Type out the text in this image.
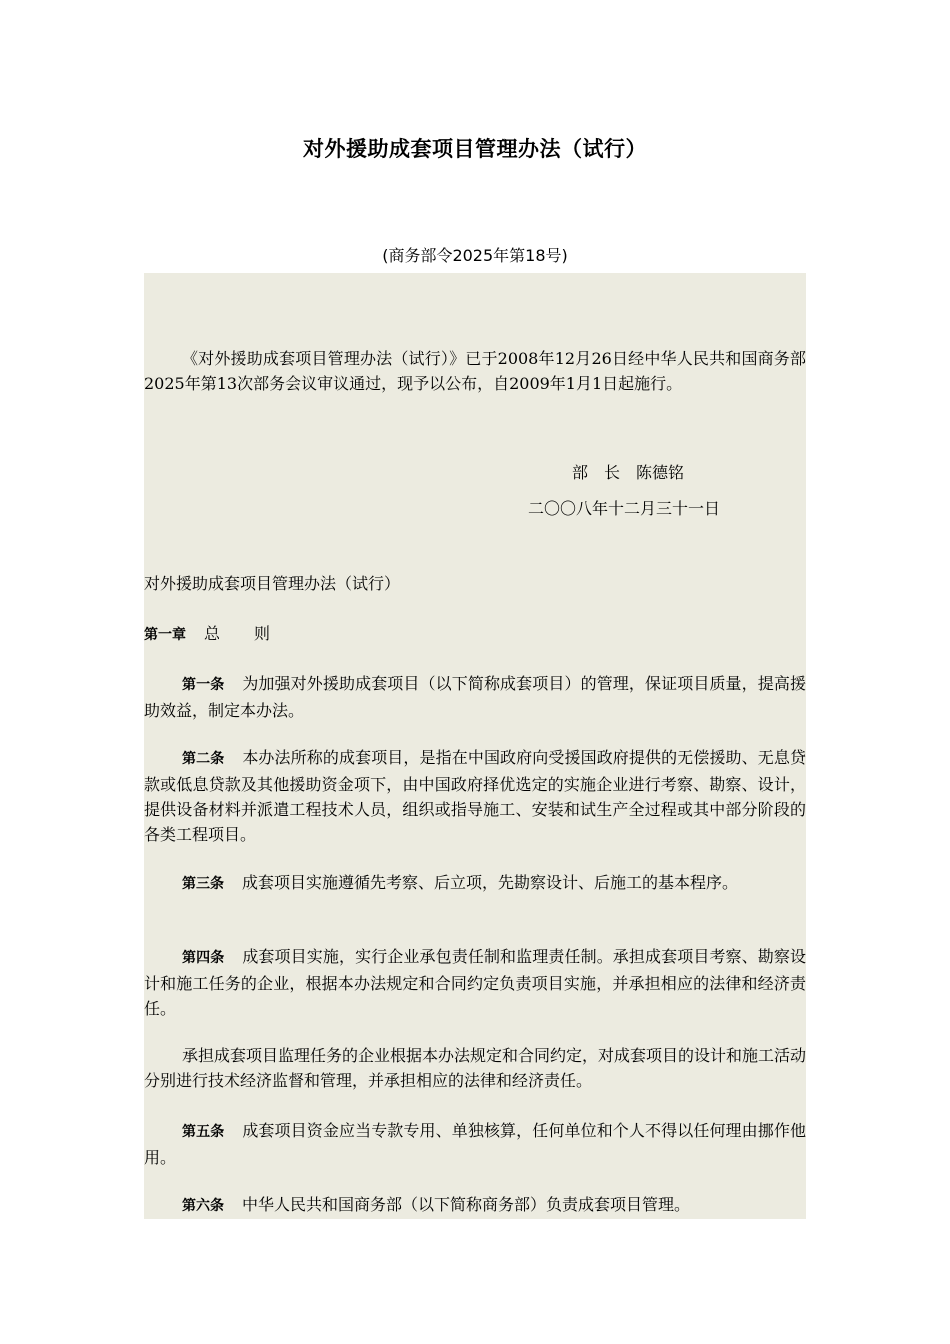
对外援助成套项目管理办法（试行）
(商务部令2025年第18号)

《对外援助成套项目管理办法（试行）》已于2008年12月26日经中华人民共和国商务部2025年第13次部务会议审议通过，现予以公布，自2009年1月1日起施行。

部　长　陈德铭
二〇〇八年十二月三十一日

对外援助成套项目管理办法（试行）

第一章 总则

第一条 为加强对外援助成套项目（以下简称成套项目）的管理，保证项目质量，提高援助效益，制定本办法。

第二条 本办法所称的成套项目，是指在中国政府向受援国政府提供的无偿援助、无息贷款或低息贷款及其他援助资金项下，由中国政府择优选定的实施企业进行考察、勘察、设计，提供设备材料并派遣工程技术人员，组织或指导施工、安装和试生产全过程或其中部分阶段的各类工程项目。

第三条 成套项目实施遵循先考察、后立项，先勘察设计、后施工的基本程序。

第四条 成套项目实施，实行企业承包责任制和监理责任制。承担成套项目考察、勘察设计和施工任务的企业，根据本办法规定和合同约定负责项目实施，并承担相应的法律和经济责任。

承担成套项目监理任务的企业根据本办法规定和合同约定，对成套项目的设计和施工活动分别进行技术经济监督和管理，并承担相应的法律和经济责任。

第五条 成套项目资金应当专款专用、单独核算，任何单位和个人不得以任何理由挪作他用。

第六条 中华人民共和国商务部（以下简称商务部）负责成套项目管理。
